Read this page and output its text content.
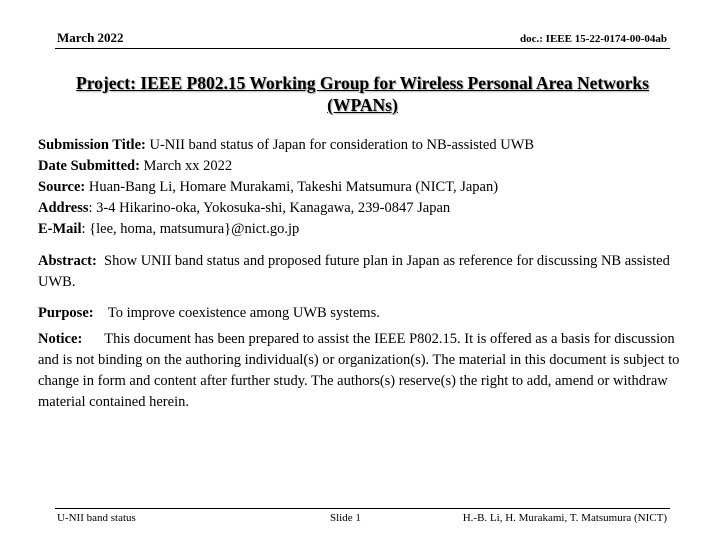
March 2022	doc.: IEEE 15-22-0174-00-04ab
Project: IEEE P802.15 Working Group for Wireless Personal Area Networks
(WPANs)
Submission Title: U-NII band status of Japan for consideration to NB-assisted UWB
Date Submitted: March xx 2022
Source: Huan-Bang Li, Homare Murakami, Takeshi Matsumura (NICT, Japan)
Address: 3-4 Hikarino-oka, Yokosuka-shi, Kanagawa, 239-0847 Japan
E-Mail: {lee, homa, matsumura}@nict.go.jp
Abstract: Show UNII band status and proposed future plan in Japan as reference for discussing NB assisted UWB.
Purpose: To improve coexistence among UWB systems.
Notice: This document has been prepared to assist the IEEE P802.15. It is offered as a basis for discussion and is not binding on the authoring individual(s) or organization(s). The material in this document is subject to change in form and content after further study. The authors(s) reserve(s) the right to add, amend or withdraw material contained herein.
U-NII band status	Slide 1	H.-B. Li, H. Murakami, T. Matsumura (NICT)
